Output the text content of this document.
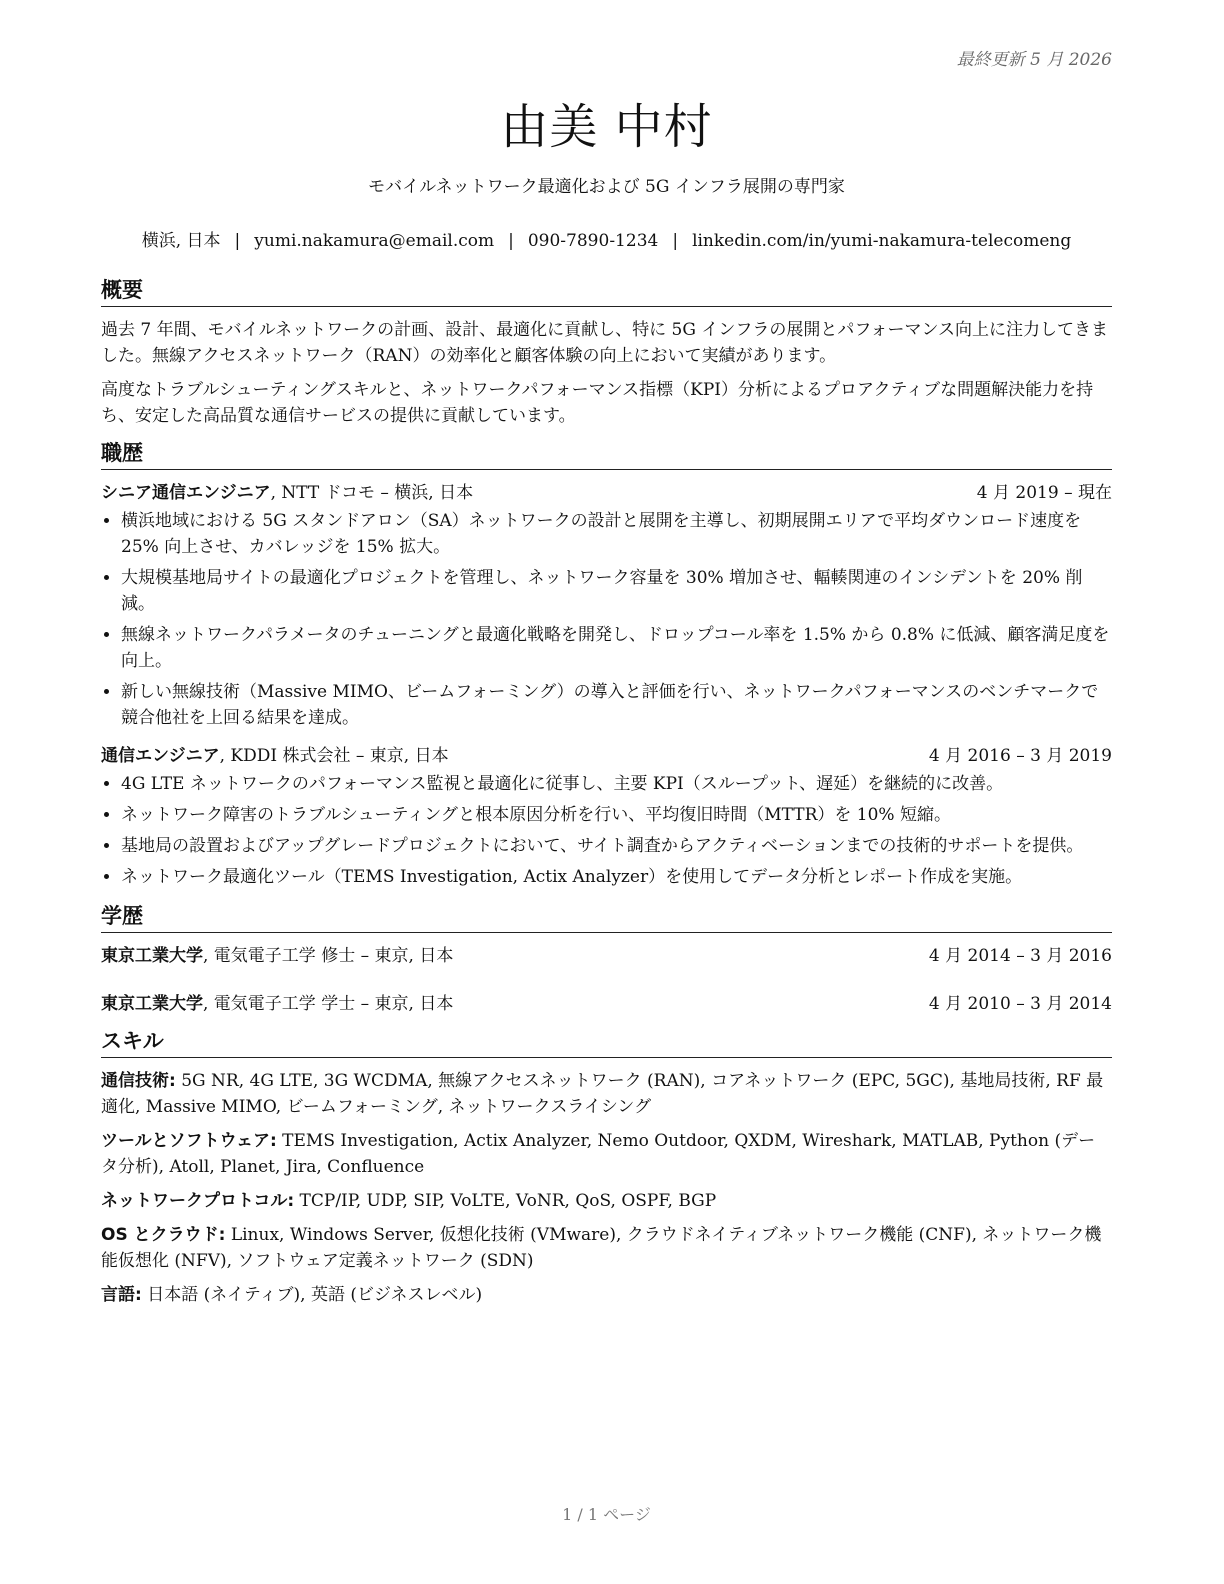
最終更新 5 月 2026
由美 中村
モバイルネットワーク最適化および 5G インフラ展開の専門家
横浜, 日本 | yumi.nakamura@email.com | 090-7890-1234 | linkedin.com/in/yumi-nakamura-telecomeng
概要

過去 7 年間、モバイルネットワークの計画、設計、最適化に貢献し、特に 5G インフラの展開とパフォーマンス向上に注力してきました。無線アクセスネットワーク（RAN）の効率化と顧客体験の向上において実績があります。

高度なトラブルシューティングスキルと、ネットワークパフォーマンス指標（KPI）分析によるプロアクティブな問題解決能力を持ち、安定した高品質な通信サービスの提供に貢献しています。

職歴
シニア通信エンジニア, NTT ドコモ – 横浜, 日本	4 月 2019 – 現在
• 横浜地域における 5G スタンドアロン（SA）ネットワークの設計と展開を主導し、初期展開エリアで平均ダウンロード速度を 25% 向上させ、カバレッジを 15% 拡大。
• 大規模基地局サイトの最適化プロジェクトを管理し、ネットワーク容量を 30% 増加させ、輻輳関連のインシデントを 20% 削減。
• 無線ネットワークパラメータのチューニングと最適化戦略を開発し、ドロップコール率を 1.5% から 0.8% に低減、顧客満足度を向上。
• 新しい無線技術（Massive MIMO、ビームフォーミング）の導入と評価を行い、ネットワークパフォーマンスのベンチマークで競合他社を上回る結果を達成。
通信エンジニア, KDDI 株式会社 – 東京, 日本	4 月 2016 – 3 月 2019
• 4G LTE ネットワークのパフォーマンス監視と最適化に従事し、主要 KPI（スループット、遅延）を継続的に改善。
• ネットワーク障害のトラブルシューティングと根本原因分析を行い、平均復旧時間（MTTR）を 10% 短縮。
• 基地局の設置およびアップグレードプロジェクトにおいて、サイト調査からアクティベーションまでの技術的サポートを提供。
• ネットワーク最適化ツール（TEMS Investigation, Actix Analyzer）を使用してデータ分析とレポート作成を実施。
学歴
東京工業大学, 電気電子工学 修士 – 東京, 日本	4 月 2014 – 3 月 2016
東京工業大学, 電気電子工学 学士 – 東京, 日本	4 月 2010 – 3 月 2014
スキル
通信技術: 5G NR, 4G LTE, 3G WCDMA, 無線アクセスネットワーク (RAN), コアネットワーク (EPC, 5GC), 基地局技術, RF 最適化, Massive MIMO, ビームフォーミング, ネットワークスライシング
ツールとソフトウェア: TEMS Investigation, Actix Analyzer, Nemo Outdoor, QXDM, Wireshark, MATLAB, Python (データ分析), Atoll, Planet, Jira, Confluence
ネットワークプロトコル: TCP/IP, UDP, SIP, VoLTE, VoNR, QoS, OSPF, BGP
OS とクラウド: Linux, Windows Server, 仮想化技術 (VMware), クラウドネイティブネットワーク機能 (CNF), ネットワーク機能仮想化 (NFV), ソフトウェア定義ネットワーク (SDN)
言語: 日本語 (ネイティブ), 英語 (ビジネスレベル)
1 / 1 ページ
